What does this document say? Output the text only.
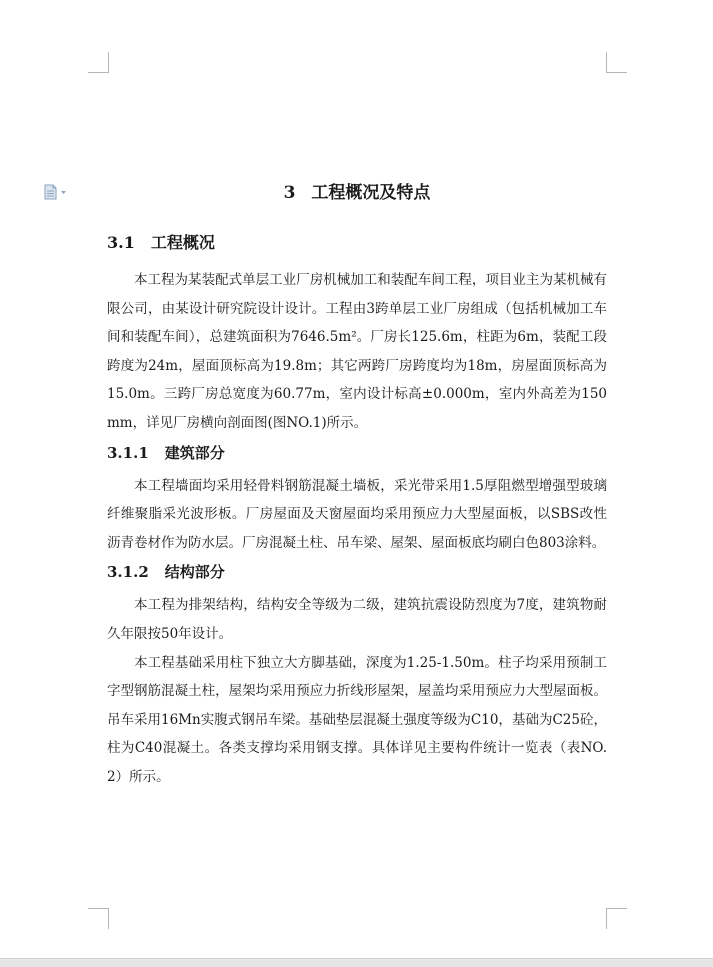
3 工程概况及特点
3.1 工程概况

本工程为某装配式单层工业厂房机械加工和装配车间工程，项目业主为某机械有限公司，由某设计研究院设计设计。工程由3跨单层工业厂房组成（包括机械加工车间和装配车间），总建筑面积为7646.5m²。厂房长125.6m，柱距为6m，装配工段跨度为24m，屋面顶标高为19.8m；其它两跨厂房跨度均为18m，房屋面顶标高为15.0m。三跨厂房总宽度为60.77m，室内设计标高±0.000m，室内外高差为150mm，详见厂房横向剖面图(图NO.1)所示。

3.1.1 建筑部分

本工程墙面均采用轻骨料钢筋混凝土墙板，采光带采用1.5厚阻燃型增强型玻璃纤维聚脂采光波形板。厂房屋面及天窗屋面均采用预应力大型屋面板，以SBS改性沥青卷材作为防水层。厂房混凝土柱、吊车梁、屋架、屋面板底均刷白色803涂料。

3.1.2 结构部分

本工程为排架结构，结构安全等级为二级，建筑抗震设防烈度为7度，建筑物耐久年限按50年设计。

本工程基础采用柱下独立大方脚基础，深度为1.25-1.50m。柱子均采用预制工字型钢筋混凝土柱，屋架均采用预应力折线形屋架，屋盖均采用预应力大型屋面板。吊车采用16Mn实腹式钢吊车梁。基础垫层混凝土强度等级为C10，基础为C25砼，柱为C40混凝土。各类支撑均采用钢支撑。具体详见主要构件统计一览表（表NO.2）所示。
